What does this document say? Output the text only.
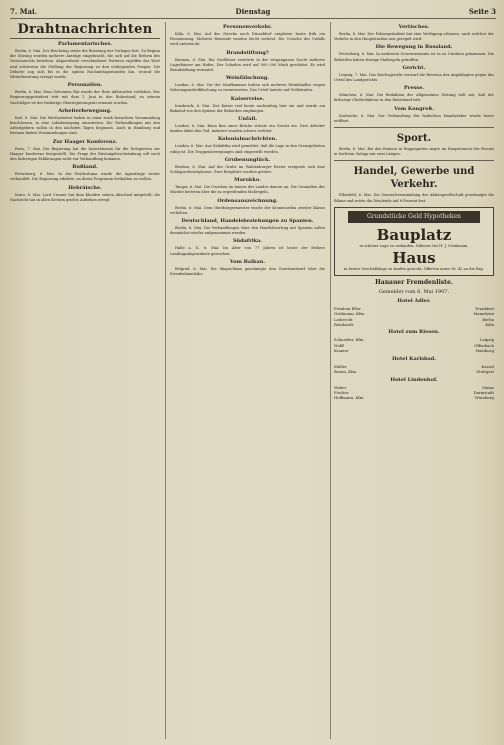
7. Mai.	Dienstag	Seite 3
Drahtnachrichten
Parlamentarisches.

Berlin, 6. Mai. Der Reichstag setzte die Beratung der Vorlagen fort. Zu Beginn der Sitzung wurden mehrere Anträge eingebracht, die sich auf die Reform des Vereinsrechts beziehen. Abgeordnete verschiedener Parteien ergriffen das Wort und erörterten die Stellung der Regierung zu den vorliegenden Fragen. Die Debatte zog sich bis in die späten Nachmittagsstunden hin, worauf die Weiterberatung vertagt wurde.

Personalien.

Berlin, 6. Mai. Dem Geheimen Rat wurde der Rote Adlerorden verliehen. Der Regierungspräsident tritt mit dem 1. Juni in den Ruhestand; zu seinem Nachfolger ist der bisherige Oberregierungsrat ernannt worden.

Arbeiterbewegung.

Kiel, 6. Mai. Die Werftarbeiter haben in einer stark besuchten Versammlung beschlossen, in eine Lohnbewegung einzutreten. Die Verhandlungen mit den Arbeitgebern sollen in den nächsten Tagen beginnen. Auch in Hamburg und Bremen finden Versammlungen statt.

Zur Haager Konferenz.

Paris, 7. Mai. Die Regierung hat die Instruktionen für die Delegierten zur Haager Konferenz festgestellt. Die Frage der Rüstungsbeschränkung soll nach den bisherigen Erklärungen nicht zur Verhandlung kommen.

Rußland.

Petersburg, 6. Mai. In der Reichsduma wurde die Agrarfrage weiter verhandelt. Die Regierung erklärte, an ihrem Programm festhalten zu wollen.

Hebräische.

Kairo, 6. Mai. Lord Cromer hat dem Khedive seinen Abschied mitgeteilt; die Nachricht hat in allen Kreisen großes Aufsehen erregt.

Personenverkehr.

Köln, 6. Mai. Auf der Strecke nach Düsseldorf entgleiste heute früh ein Personenzug. Mehrere Reisende wurden leicht verletzt. Die Ursache des Unfalls wird untersucht.

Brandstiftung?

Bremen, 6. Mai. Ein Großfeuer zerstörte in der vergangenen Nacht mehrere Lagerhäuser am Hafen. Der Schaden wird auf 500 000 Mark geschätzt. Es wird Brandstiftung vermutet.

Weinfälschung.

Landau, 6. Mai. Vor der Strafkammer hatten sich mehrere Weinhändler wegen Nahrungsmittelfälschung zu verantworten. Das Urteil lautete auf Geldstrafen.

Kaiserreise.

Innsbruck, 6. Mai. Der Kaiser traf heute nachmittag hier ein und wurde am Bahnhof von den Spitzen der Behörden empfangen.

Unfall.

London, 6. Mai. Beim Bau einer Brücke stürzte ein Gerüst ein. Drei Arbeiter fanden dabei den Tod, mehrere wurden schwer verletzt.

Kolonialnachrichten.

London, 6. Mai. Aus Südafrika wird gemeldet, daß die Lage in den Grenzgebieten ruhig ist. Die Truppenbewegungen sind eingestellt worden.

Grubenunglück.

Breslau, 6. Mai. Auf der Grube im Waldenburger Revier ereignete sich eine Schlagwetterexplosion. Zwei Bergleute wurden getötet.

Marokko.

Tanger, 6. Mai. Die Unruhen im Innern des Landes dauern an. Die Gesandten der Mächte berieten über die zu ergreifenden Maßregeln.

Ordensauszeichnung.

Berlin, 6. Mai. Dem Oberbürgermeister wurde der Kronenorden zweiter Klasse verliehen.

Deutschland, Handelsbeziehungen zu Spanien.

Berlin, 6. Mai. Die Verhandlungen über den Handelsvertrag mit Spanien sollen demnächst wieder aufgenommen werden.

Südafrika.

Halle a. S., 6. Mai. Im Alter von 77 Jahren ist heute der frühere Landtagsabgeordnete gestorben.

Vom Balkan.

Belgrad, 6. Mai. Die Skupschtina genehmigte den Gesetzentwurf über die Eisenbahnanleihe.

Vertisches.

Berlin, 6. Mai. Der Polizeipräsident hat eine Verfügung erlassen, nach welcher der Verkehr in den Hauptstraßen neu geregelt wird.

Die Bewegung in Russland.

Petersburg, 6. Mai. In mehreren Gouvernements ist es zu Unruhen gekommen. Die Behörden haben strenge Maßregeln getroffen.

Gericht.

Leipzig, 7. Mai. Das Reichsgericht verwarf die Revision des Angeklagten gegen das Urteil des Landgerichts.

Presse.

München, 6. Mai. Die Redaktion der Allgemeinen Zeitung teilt mit, daß der bisherige Chefredakteur in den Ruhestand tritt.

Vom Kongreß.

Karlsruhe, 6. Mai. Der Verbandstag der badischen Handwerker wurde heute eröffnet.

Sport.

Berlin, 6. Mai. Bei den Rennen in Hoppegarten siegte im Hauptrennen der Favorit in leichtem Galopp mit zwei Längen.

Handel, Gewerbe und Verkehr.

Elberfeld, 6. Mai. Die Generalversammlung der Aktiengesellschaft genehmigte die Bilanz und setzte die Dividende auf 8 Prozent fest.

Grundstücke Geld Hypotheken
Bauplatz
in schöner Lage zu verkaufen. Näheres bei H. J. Grünbaum.
Haus
in bester Geschäftslage zu kaufen gesucht. Offerten unter Nr. 42 an die Exp.
Hanauer Fremdenliste.
Gemeldet vom 6. Mai 1907.
Hotel Adler.
Fräulein Eller	Frankfurt
Goldmann, Kfm.	Mannheim
Liebrecht	Berlin
Reinhardt	Köln
Hotel zum Riesen.
Schneider, Kfm.	Leipzig
Wolff	Offenbach
Kramer	Hamburg
Hotel Karlsbad.
Müller	Kassel
Braun, Kfm.	Stuttgart
Hotel Lindenhof.
Weber	Mainz
Fischer	Darmstadt
Hoffmann, Kfm.	Würzburg
